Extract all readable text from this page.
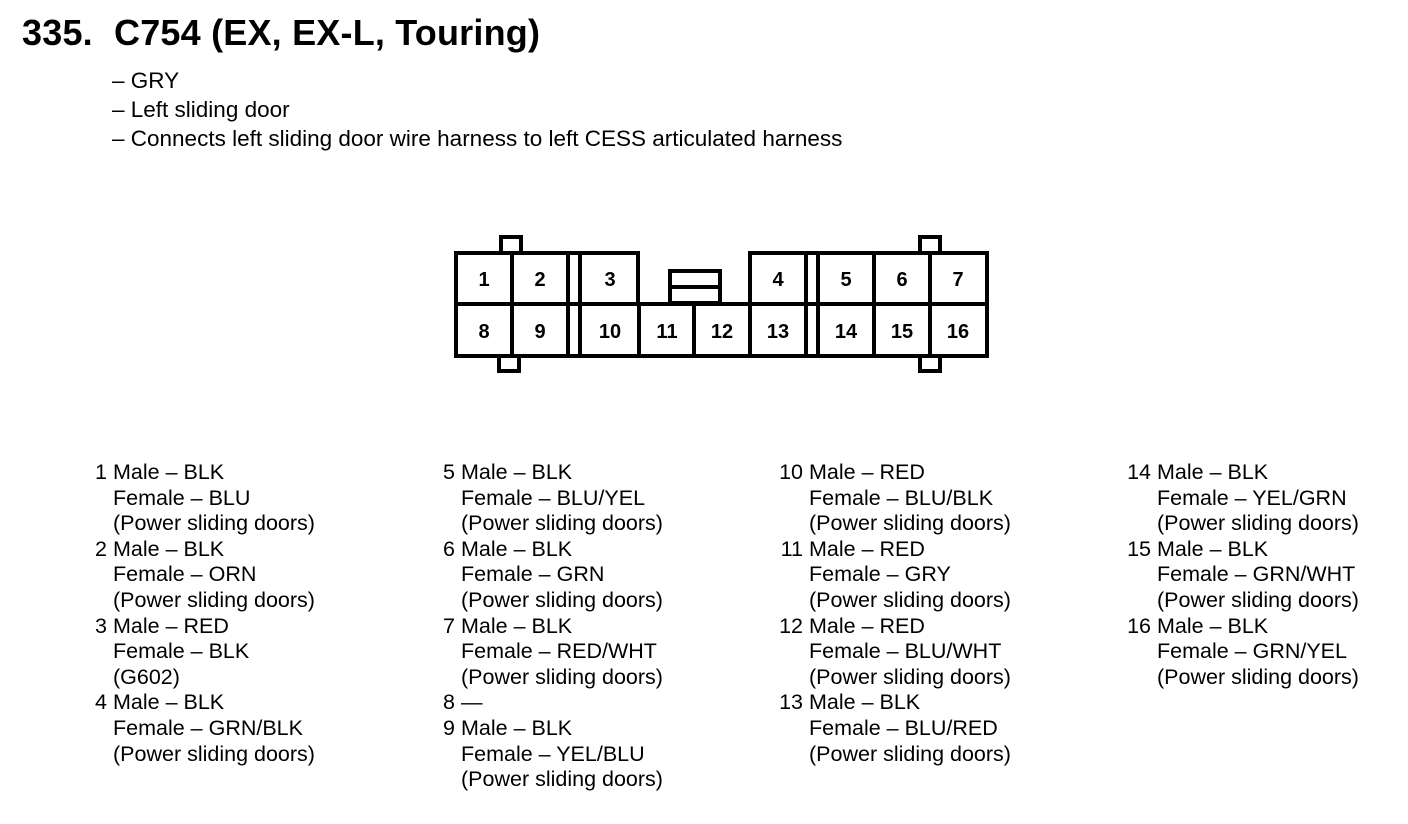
335. C754 (EX, EX-L, Touring)
– GRY
– Left sliding door
– Connects left sliding door wire harness to left CESS articulated harness
1 2	3	4	5 6 7
8 9	10 11 12 13 14 15 16
1 Male – BLK
Female – BLU
(Power sliding doors)
2 Male – BLK
Female – ORN
(Power sliding doors)
3 Male – RED
Female – BLK
(G602)
4 Male – BLK
Female – GRN/BLK
(Power sliding doors)
5 Male – BLK
Female – BLU/YEL
(Power sliding doors)
6 Male – BLK
Female – GRN
(Power sliding doors)
7 Male – BLK
Female – RED/WHT
(Power sliding doors)
8 —
9 Male – BLK
Female – YEL/BLU
(Power sliding doors)
10 Male – RED
Female – BLU/BLK
(Power sliding doors)
11 Male – RED
Female – GRY
(Power sliding doors)
12 Male – RED
Female – BLU/WHT
(Power sliding doors)
13 Male – BLK
Female – BLU/RED
(Power sliding doors)
14 Male – BLK
Female – YEL/GRN
(Power sliding doors)
15 Male – BLK
Female – GRN/WHT
(Power sliding doors)
16 Male – BLK
Female – GRN/YEL
(Power sliding doors)
